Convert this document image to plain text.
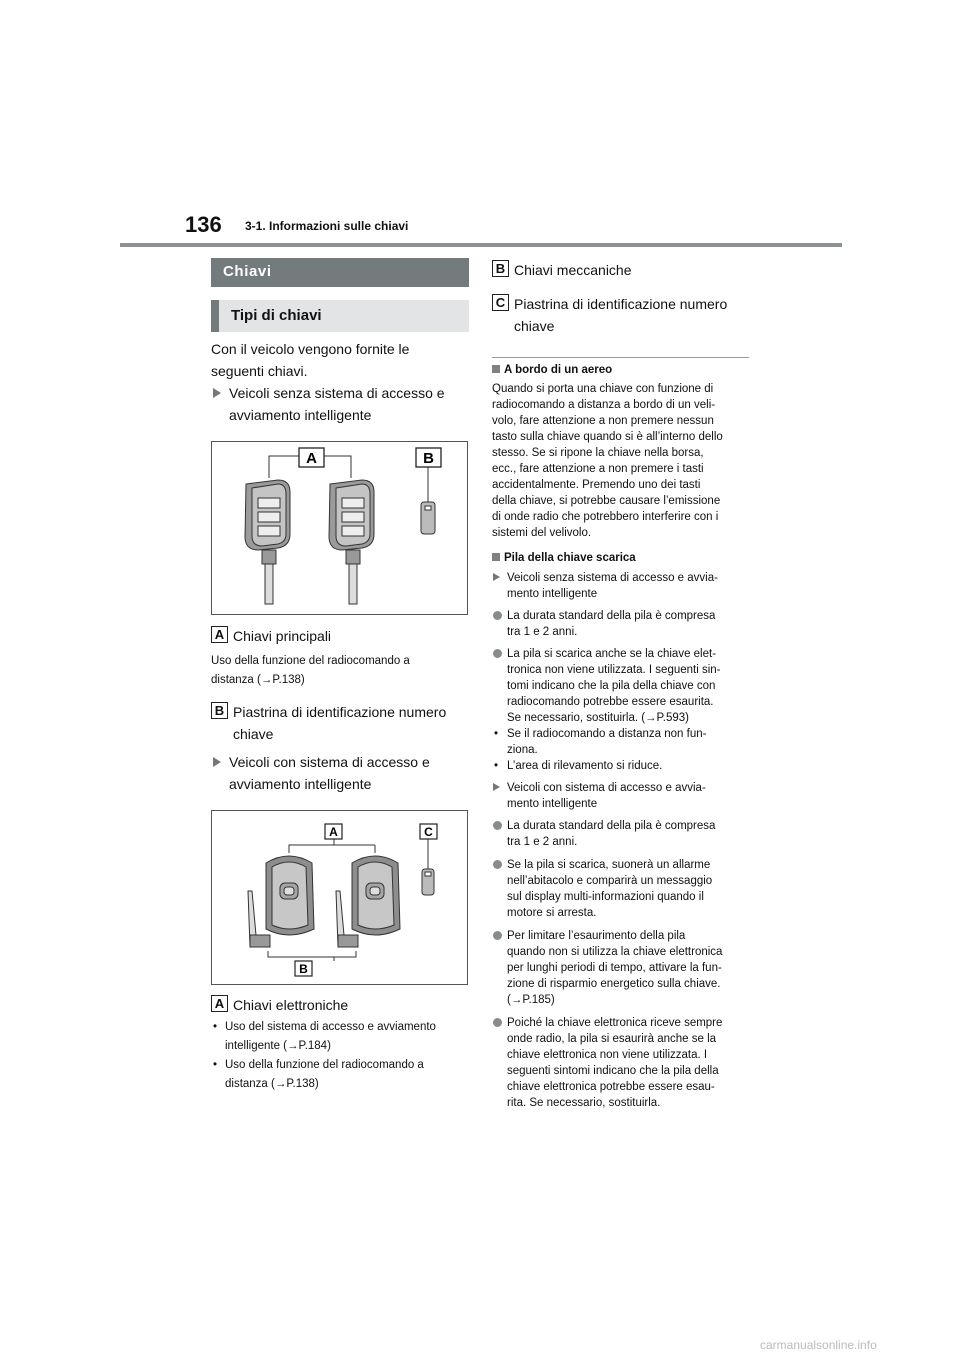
136 3-1. Informazioni sulle chiavi
Chiavi
Tipi di chiavi
Con il veicolo vengono fornite le
seguenti chiavi.
Veicoli senza sistema di accesso e
avviamento intelligente
A	B
A Chiavi principali
Uso della funzione del radiocomando a
distanza (→P.138)
B Piastrina di identificazione numero
chiave
Veicoli con sistema di accesso e
avviamento intelligente
A	C
B
A Chiavi elettroniche
• Uso del sistema di accesso e avviamento
intelligente (→P.184)
• Uso della funzione del radiocomando a
distanza (→P.138)
B Chiavi meccaniche
C Piastrina di identificazione numero
chiave
A bordo di un aereo
Quando si porta una chiave con funzione di
radiocomando a distanza a bordo di un veli-
volo, fare attenzione a non premere nessun
tasto sulla chiave quando si è all’interno dello
stesso. Se si ripone la chiave nella borsa,
ecc., fare attenzione a non premere i tasti
accidentalmente. Premendo uno dei tasti
della chiave, si potrebbe causare l’emissione
di onde radio che potrebbero interferire con i
sistemi del velivolo.
Pila della chiave scarica
Veicoli senza sistema di accesso e avvia-
mento intelligente
La durata standard della pila è compresa
tra 1 e 2 anni.
La pila si scarica anche se la chiave elet-
tronica non viene utilizzata. I seguenti sin-
tomi indicano che la pila della chiave con
radiocomando potrebbe essere esaurita.
Se necessario, sostituirla. (→P.593)
• Se il radiocomando a distanza non fun-
ziona.
• L’area di rilevamento si riduce.
Veicoli con sistema di accesso e avvia-
mento intelligente
La durata standard della pila è compresa
tra 1 e 2 anni.
Se la pila si scarica, suonerà un allarme
nell’abitacolo e comparirà un messaggio
sul display multi-informazioni quando il
motore si arresta.
Per limitare l’esaurimento della pila
quando non si utilizza la chiave elettronica
per lunghi periodi di tempo, attivare la fun-
zione di risparmio energetico sulla chiave.
(→P.185)
Poiché la chiave elettronica riceve sempre
onde radio, la pila si esaurirà anche se la
chiave elettronica non viene utilizzata. I
seguenti sintomi indicano che la pila della
chiave elettronica potrebbe essere esau-
rita. Se necessario, sostituirla.
carmanualsonline.info
